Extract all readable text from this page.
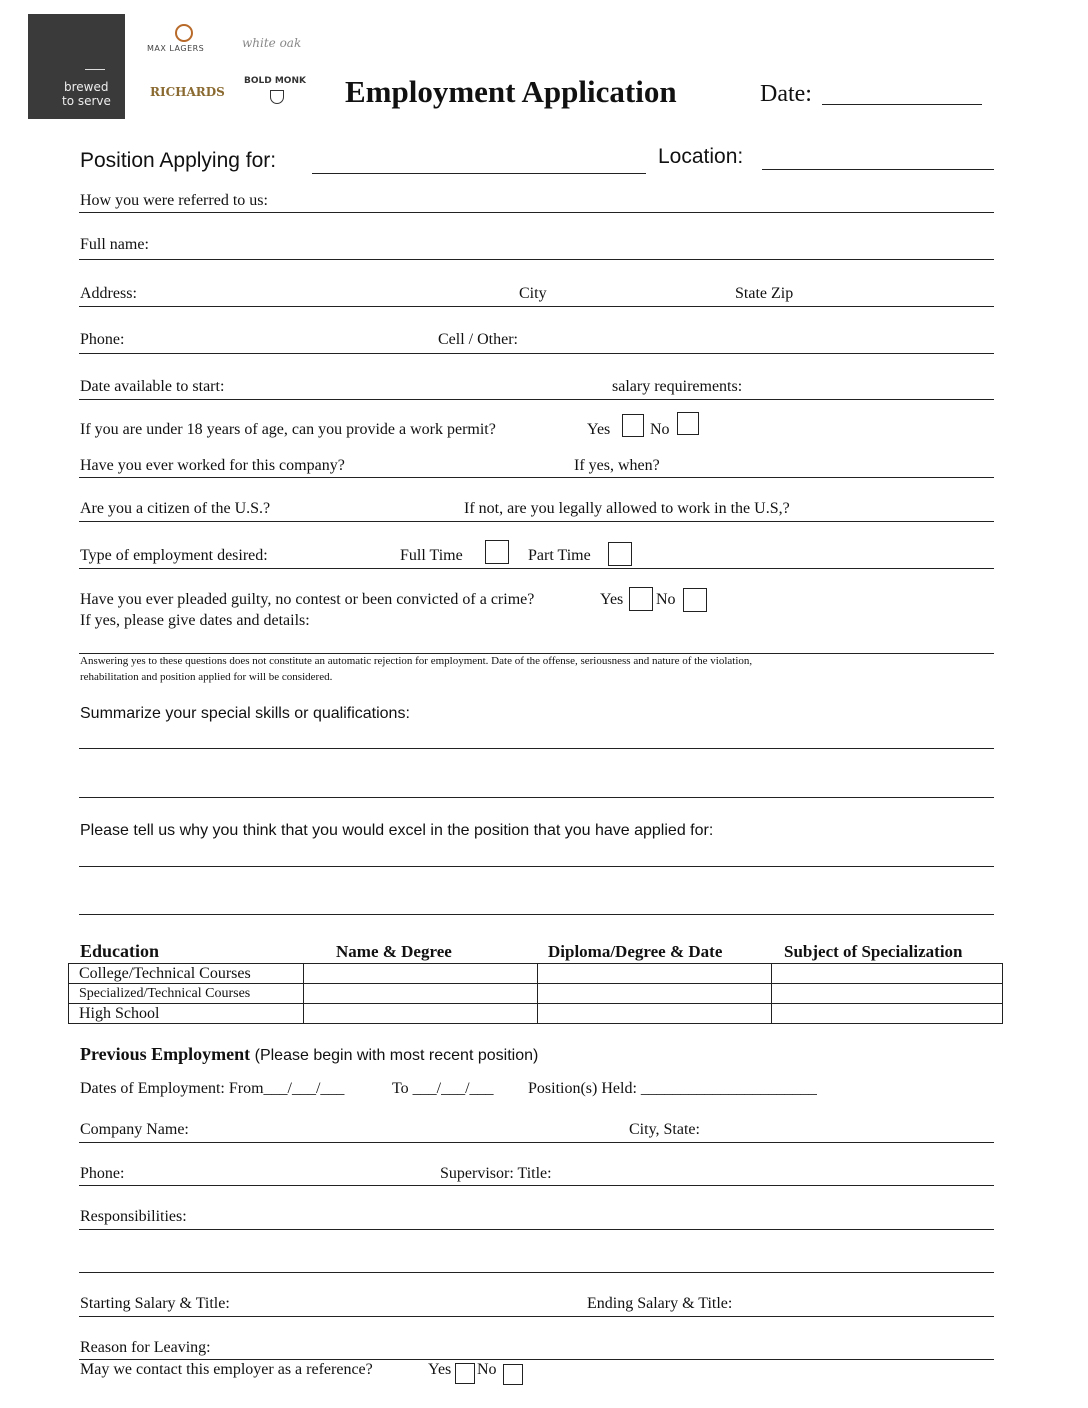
brewed
to serve
MAX LAGERS	white oak
RICHARDS
BOLD MONK Employment Application	Date:
Position Applying for:	Location:
How you were referred to us:
Full name:
Address:	City	State Zip
Phone:	Cell / Other:
Date available to start:	salary requirements:
If you are under 18 years of age, can you provide a work permit?	Yes No
Have you ever worked for this company?	If yes, when?
Are you a citizen of the U.S.?	If not, are you legally allowed to work in the U.S,?
Type of employment desired:	Full Time	Part Time
Have you ever pleaded guilty, no contest or been convicted of a crime?	Yes No
If yes, please give dates and details:
Answering yes to these questions does not constitute an automatic rejection for employment. Date of the offense, seriousness and nature of the violation,
rehabilitation and position applied for will be considered.
Summarize your special skills or qualifications:
Please tell us why you think that you would excel in the position that you have applied for:
Education	Name & Degree	Diploma/Degree & Date	Subject of Specialization
College/Technical Courses			
Specialized/Technical Courses			
High School			
Previous Employment (Please begin with most recent position)
Dates of Employment: From___/___/___	To ___/___/___ Position(s) Held: ______________________
Company Name:	City, State:
Phone:	Supervisor: Title:
Responsibilities:
Starting Salary & Title:	Ending Salary & Title:
Reason for Leaving:
May we contact this employer as a reference?	Yes No
